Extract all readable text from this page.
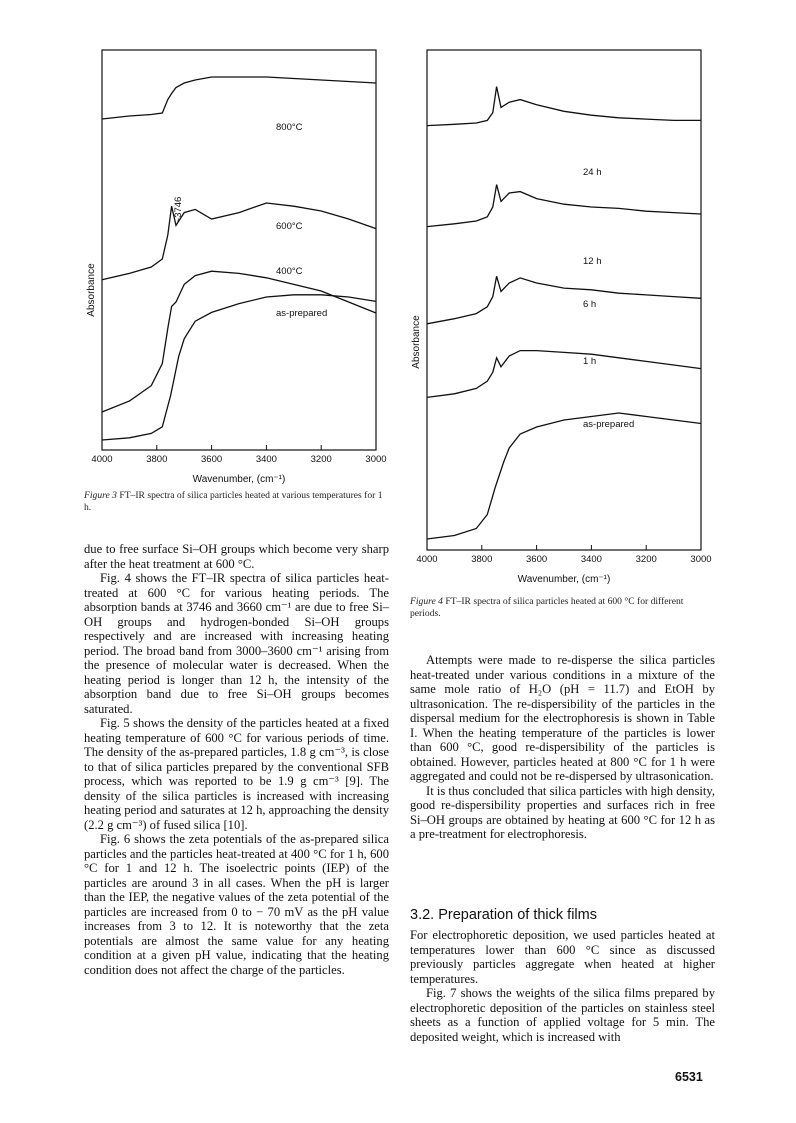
800°C
600°C
400°C
as-prepared
~3746
4000	3800	3600	3400	3200	3000
Absorbance
Wavenumber, (cm⁻¹)
Figure 3 FT–IR spectra of silica particles heated at various temperatures for 1 h.
24 h
12 h
6 h
1 h
as-prepared
4000	3800	3600	3400	3200	3000
Absorbance
Wavenumber, (cm⁻¹)
Figure 4 FT–IR spectra of silica particles heated at 600 °C for different periods.

due to free surface Si–OH groups which become very sharp after the heat treatment at 600 °C.

Fig. 4 shows the FT–IR spectra of silica particles heat-treated at 600 °C for various heating periods. The absorption bands at 3746 and 3660 cm⁻¹ are due to free Si–OH groups and hydrogen-bonded Si–OH groups respectively and are increased with increasing heating period. The broad band from 3000–3600 cm⁻¹ arising from the presence of molecular water is decreased. When the heating period is longer than 12 h, the intensity of the absorption band due to free Si–OH groups becomes saturated.

Fig. 5 shows the density of the particles heated at a fixed heating temperature of 600 °C for various periods of time. The density of the as-prepared particles, 1.8 g cm⁻³, is close to that of silica particles prepared by the conventional SFB process, which was reported to be 1.9 g cm⁻³ [9]. The density of the silica particles is increased with increasing heating period and saturates at 12 h, approaching the density (2.2 g cm⁻³) of fused silica [10].

Fig. 6 shows the zeta potentials of the as-prepared silica particles and the particles heat-treated at 400 °C for 1 h, 600 °C for 1 and 12 h. The isoelectric points (IEP) of the particles are around 3 in all cases. When the pH is larger than the IEP, the negative values of the zeta potential of the particles are increased from 0 to − 70 mV as the pH value increases from 3 to 12. It is noteworthy that the zeta potentials are almost the same value for any heating condition at a given pH value, indicating that the heating condition does not affect the charge of the particles.

Attempts were made to re-disperse the silica particles heat-treated under various conditions in a mixture of the same mole ratio of H₂O (pH = 11.7) and EtOH by ultrasonication. The re-dispersibility of the particles in the dispersal medium for the electrophoresis is shown in Table I. When the heating temperature of the particles is lower than 600 °C, good re-dispersibility of the particles is obtained. However, particles heated at 800 °C for 1 h were aggregated and could not be re-dispersed by ultrasonication.

It is thus concluded that silica particles with high density, good re-dispersibility properties and surfaces rich in free Si–OH groups are obtained by heating at 600 °C for 12 h as a pre-treatment for electrophoresis.

3.2. Preparation of thick films

For electrophoretic deposition, we used particles heated at temperatures lower than 600 °C since as discussed previously particles aggregate when heated at higher temperatures.

Fig. 7 shows the weights of the silica films prepared by electrophoretic deposition of the particles on stainless steel sheets as a function of applied voltage for 5 min. The deposited weight, which is increased with

6531
